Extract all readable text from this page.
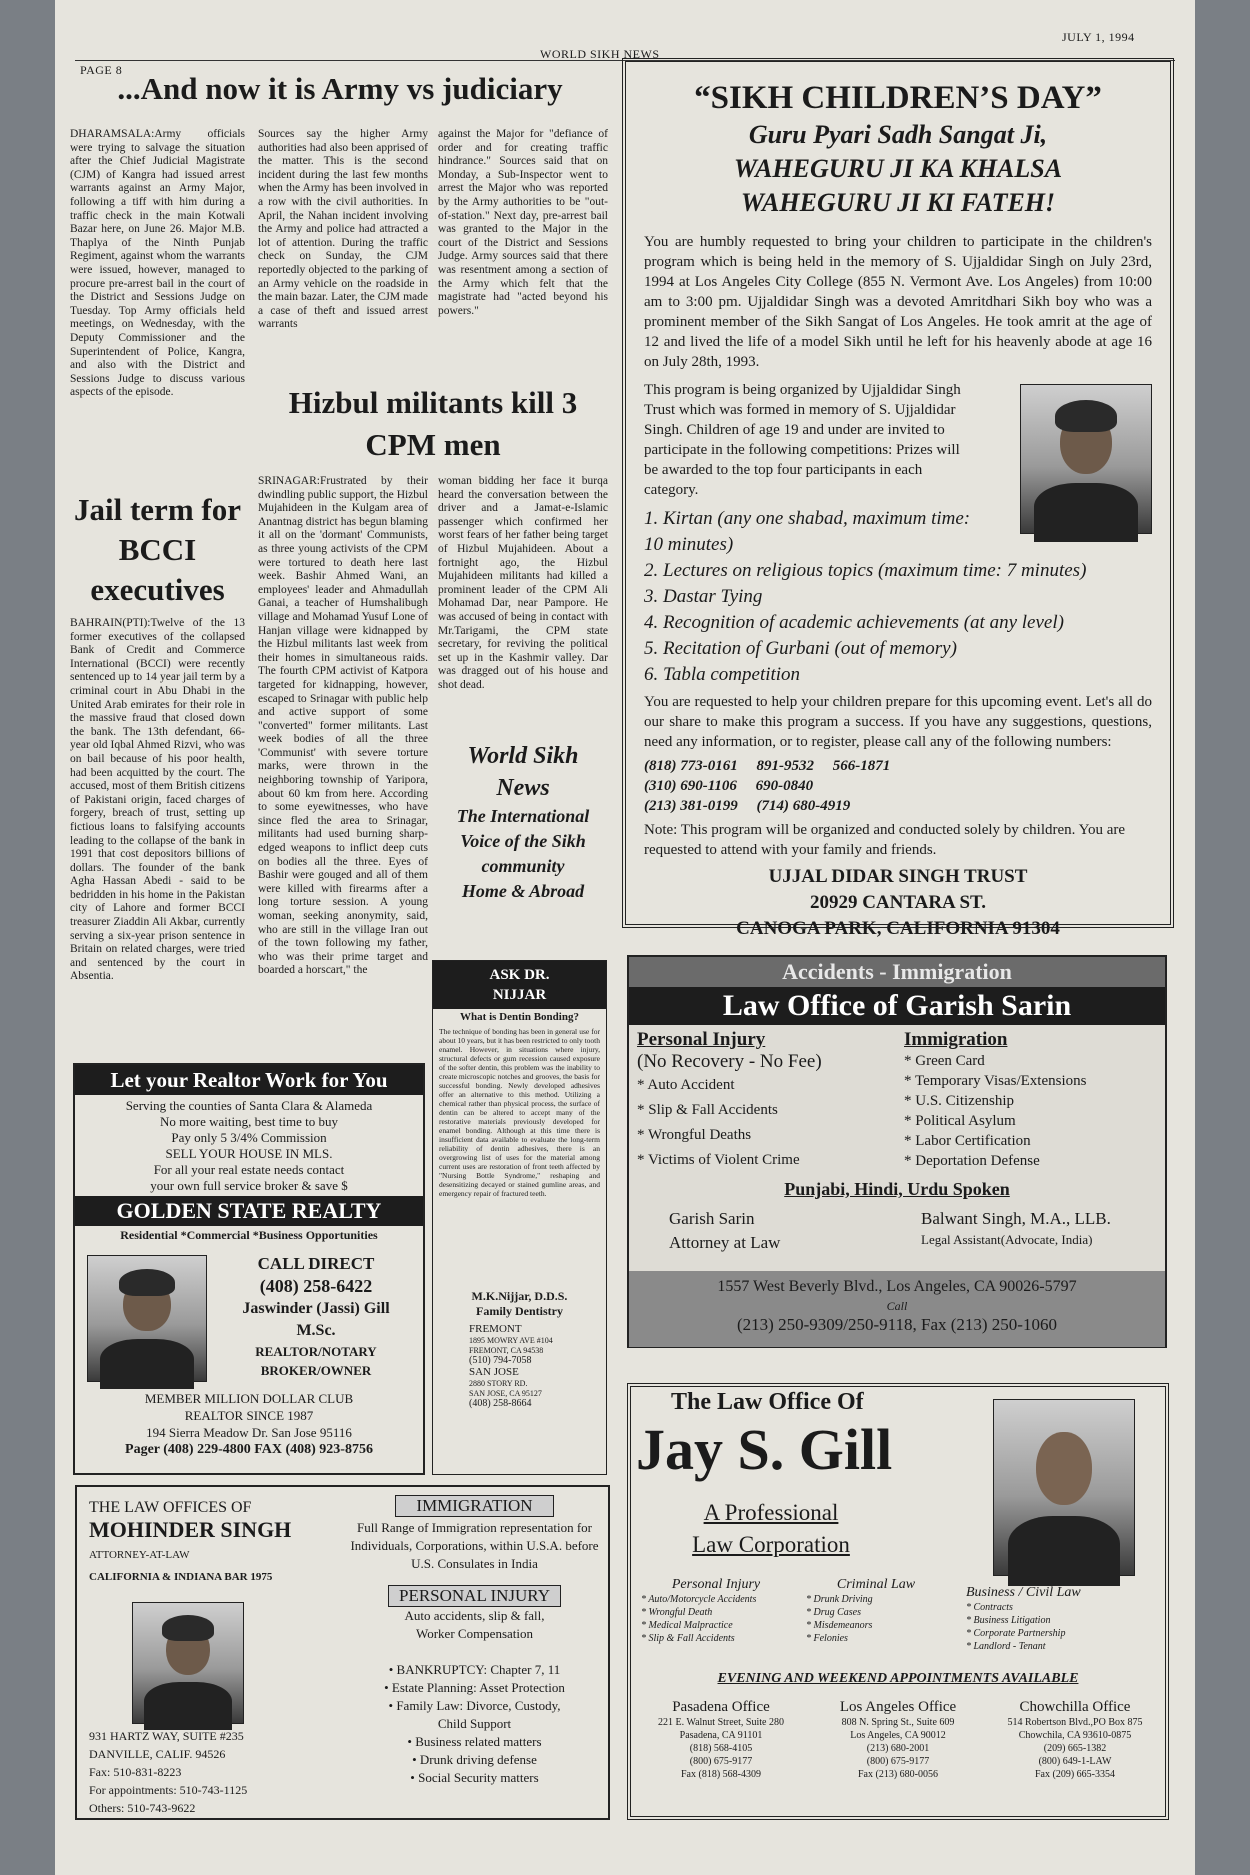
PAGE 8
WORLD SIKH NEWS
JULY 1, 1994

...And now it is Army vs judiciary

DHARAMSALA:Army officials were trying to salvage the situation after the Chief Judicial Magistrate (CJM) of Kangra had issued arrest warrants against an Army Major, following a tiff with him during a traffic check in the main Kotwali Bazar here, on June 26. Major M.B. Thaplya of the Ninth Punjab Regiment, against whom the warrants were issued, however, managed to procure pre-arrest bail in the court of the District and Sessions Judge on Tuesday. Top Army officials held meetings, on Wednesday, with the Deputy Commissioner and the Superintendent of Police, Kangra, and also with the District and Sessions Judge to discuss various aspects of the episode.

Sources say the higher Army authorities had also been apprised of the matter. This is the second incident during the last few months when the Army has been involved in a row with the civil authorities. In April, the Nahan incident involving the Army and police had attracted a lot of attention. During the traffic check on Sunday, the CJM reportedly objected to the parking of an Army vehicle on the roadside in the main bazar. Later, the CJM made a case of theft and issued arrest warrants

against the Major for "defiance of order and for creating traffic hindrance." Sources said that on Monday, a Sub-Inspector went to arrest the Major who was reported by the Army authorities to be "out-of-station." Next day, pre-arrest bail was granted to the Major in the court of the District and Sessions Judge. Army sources said that there was resentment among a section of the Army which felt that the magistrate had "acted beyond his powers."

Jail term for BCCI executives

BAHRAIN(PTI):Twelve of the 13 former executives of the collapsed Bank of Credit and Commerce International (BCCI) were recently sentenced up to 14 year jail term by a criminal court in Abu Dhabi in the United Arab emirates for their role in the massive fraud that closed down the bank. The 13th defendant, 66-year old Iqbal Ahmed Rizvi, who was on bail because of his poor health, had been acquitted by the court. The accused, most of them British citizens of Pakistani origin, faced charges of forgery, breach of trust, setting up fictious loans to falsifying accounts leading to the collapse of the bank in 1991 that cost depositors billions of dollars. The founder of the bank Agha Hassan Abedi - said to be bedridden in his home in the Pakistan city of Lahore and former BCCI treasurer Ziaddin Ali Akbar, currently serving a six-year prison sentence in Britain on related charges, were tried and sentenced by the court in Absentia.

Hizbul militants kill 3 CPM men

SRINAGAR:Frustrated by their dwindling public support, the Hizbul Mujahideen in the Kulgam area of Anantnag district has begun blaming it all on the 'dormant' Communists, as three young activists of the CPM were tortured to death here last week. Bashir Ahmed Wani, an employees' leader and Ahmadullah Ganai, a teacher of Humshalibugh village and Mohamad Yusuf Lone of Hanjan village were kidnapped by the Hizbul militants last week from their homes in simultaneous raids. The fourth CPM activist of Katpora targeted for kidnapping, however, escaped to Srinagar with public help and active support of some "converted" former militants. Last week bodies of all the three 'Communist' with severe torture marks, were thrown in the neighboring township of Yaripora, about 60 km from here. According to some eyewitnesses, who have since fled the area to Srinagar, militants had used burning sharp-edged weapons to inflict deep cuts on bodies all the three. Eyes of Bashir were gouged and all of them were killed with firearms after a long torture session. A young woman, seeking anonymity, said, who are still in the village Iran out of the town following my father, who was their prime target and boarded a horscart," the

woman bidding her face it burqa heard the conversation between the driver and a Jamat-e-Islamic passenger which confirmed her worst fears of her father being target of Hizbul Mujahideen. About a fortnight ago, the Hizbul Mujahideen militants had killed a prominent leader of the CPM Ali Mohamad Dar, near Pampore. He was accused of being in contact with Mr.Tarigami, the CPM state secretary, for reviving the political set up in the Kashmir valley. Dar was dragged out of his house and shot dead.

World Sikh
News
The International
Voice of the Sikh
community
Home & Abroad
“SIKH CHILDREN’S DAY”
Guru Pyari Sadh Sangat Ji,
WAHEGURU JI KA KHALSA
WAHEGURU JI KI FATEH!

You are humbly requested to bring your children to participate in the children's program which is being held in the memory of S. Ujjaldidar Singh on July 23rd, 1994 at Los Angeles City College (855 N. Vermont Ave. Los Angeles) from 10:00 am to 3:00 pm. Ujjaldidar Singh was a devoted Amritdhari Sikh boy who was a prominent member of the Sikh Sangat of Los Angeles. He took amrit at the age of 12 and lived the life of a model Sikh until he left for his heavenly abode at age 16 on July 28th, 1993.

This program is being organized by Ujjaldidar Singh Trust which was formed in memory of S. Ujjaldidar Singh. Children of age 19 and under are invited to participate in the following competitions: Prizes will be awarded to the top four participants in each category.

1. Kirtan (any one shabad, maximum time: 10 minutes)
2. Lectures on religious topics (maximum time: 7 minutes)
3. Dastar Tying
4. Recognition of academic achievements (at any level)
5. Recitation of Gurbani (out of memory)
6. Tabla competition

You are requested to help your children prepare for this upcoming event. Let's all do our share to make this program a success. If you have any suggestions, questions, need any information, or to register, please call any of the following numbers:

(818) 773-0161 891-9532 566-1871
(310) 690-1106 690-0840
(213) 381-0199 (714) 680-4919

Note: This program will be organized and conducted solely by children. You are requested to attend with your family and friends.

UJJAL DIDAR SINGH TRUST
20929 CANTARA ST.
CANOGA PARK, CALIFORNIA 91304
Accidents - Immigration
Law Office of Garish Sarin
Personal Injury
(No Recovery - No Fee)
* Auto Accident
* Slip & Fall Accidents
* Wrongful Deaths
* Victims of Violent Crime
Immigration
* Green Card
* Temporary Visas/Extensions
* U.S. Citizenship
* Political Asylum
* Labor Certification
* Deportation Defense
Punjabi, Hindi, Urdu Spoken
Garish Sarin
Attorney at Law
Balwant Singh, M.A., LLB.
Legal Assistant(Advocate, India)
1557 West Beverly Blvd., Los Angeles, CA 90026-5797
Call
(213) 250-9309/250-9118, Fax (213) 250-1060
Let your Realtor Work for You
Serving the counties of Santa Clara & Alameda
No more waiting, best time to buy
Pay only 5 3/4% Commission
SELL YOUR HOUSE IN MLS.
For all your real estate needs contact
your own full service broker & save $
GOLDEN STATE REALTY
Residential *Commercial *Business Opportunities
CALL DIRECT
(408) 258-6422
Jaswinder (Jassi) Gill
M.Sc.
REALTOR/NOTARY
BROKER/OWNER
MEMBER MILLION DOLLAR CLUB
REALTOR SINCE 1987
194 Sierra Meadow Dr. San Jose 95116
Pager (408) 229-4800 FAX (408) 923-8756
ASK DR.
NIJJAR
What is Dentin Bonding?

The technique of bonding has been in general use for about 10 years, but it has been restricted to only tooth enamel. However, in situations where injury, structural defects or gum recession caused exposure of the softer dentin, this problem was the inability to create microscopic notches and grooves, the basis for successful bonding. Newly developed adhesives offer an alternative to this method. Utilizing a chemical rather than physical process, the surface of dentin can be altered to accept many of the restorative materials previously developed for enamel bonding. Although at this time there is insufficient data available to evaluate the long-term reliability of dentin adhesives, there is an overgrowing list of uses for the material among current uses are restoration of front teeth affected by "Nursing Bottle Syndrome," reshaping and desensitizing decayed or stained gumline areas, and emergency repair of fractured teeth.

M.K.Nijjar, D.D.S.
Family Dentistry
FREMONT
1895 MOWRY AVE #104
FREMONT, CA 94538
(510) 794-7058
SAN JOSE
2880 STORY RD.
SAN JOSE, CA 95127
(408) 258-8664
THE LAW OFFICES OF
MOHINDER SINGH
ATTORNEY-AT-LAW
CALIFORNIA & INDIANA BAR 1975
931 HARTZ WAY, SUITE #235
DANVILLE, CALIF. 94526
Fax: 510-831-8223
For appointments: 510-743-1125
Others: 510-743-9622
IMMIGRATION
Full Range of Immigration representation for Individuals, Corporations, within U.S.A. before U.S. Consulates in India
PERSONAL INJURY
Auto accidents, slip & fall,
Worker Compensation
• BANKRUPTCY: Chapter 7, 11
• Estate Planning: Asset Protection
• Family Law: Divorce, Custody,
Child Support
• Business related matters
• Drunk driving defense
• Social Security matters
The Law Office Of
Jay S. Gill
A Professional
Law Corporation
Personal Injury
* Auto/Motorcycle Accidents
* Wrongful Death
* Medical Malpractice
* Slip & Fall Accidents
Criminal Law
* Drunk Driving
* Drug Cases
* Misdemeanors
* Felonies
Business / Civil Law
* Contracts
* Business Litigation
* Corporate Partnership
* Landlord - Tenant
EVENING AND WEEKEND APPOINTMENTS AVAILABLE
Pasadena Office
221 E. Walnut Street, Suite 280
Pasadena, CA 91101
(818) 568-4105
(800) 675-9177
Fax (818) 568-4309
Los Angeles Office
808 N. Spring St., Suite 609
Los Angeles, CA 90012
(213) 680-2001
(800) 675-9177
Fax (213) 680-0056
Chowchilla Office
514 Robertson Blvd.,PO Box 875
Chowchila, CA 93610-0875
(209) 665-1382
(800) 649-1-LAW
Fax (209) 665-3354
